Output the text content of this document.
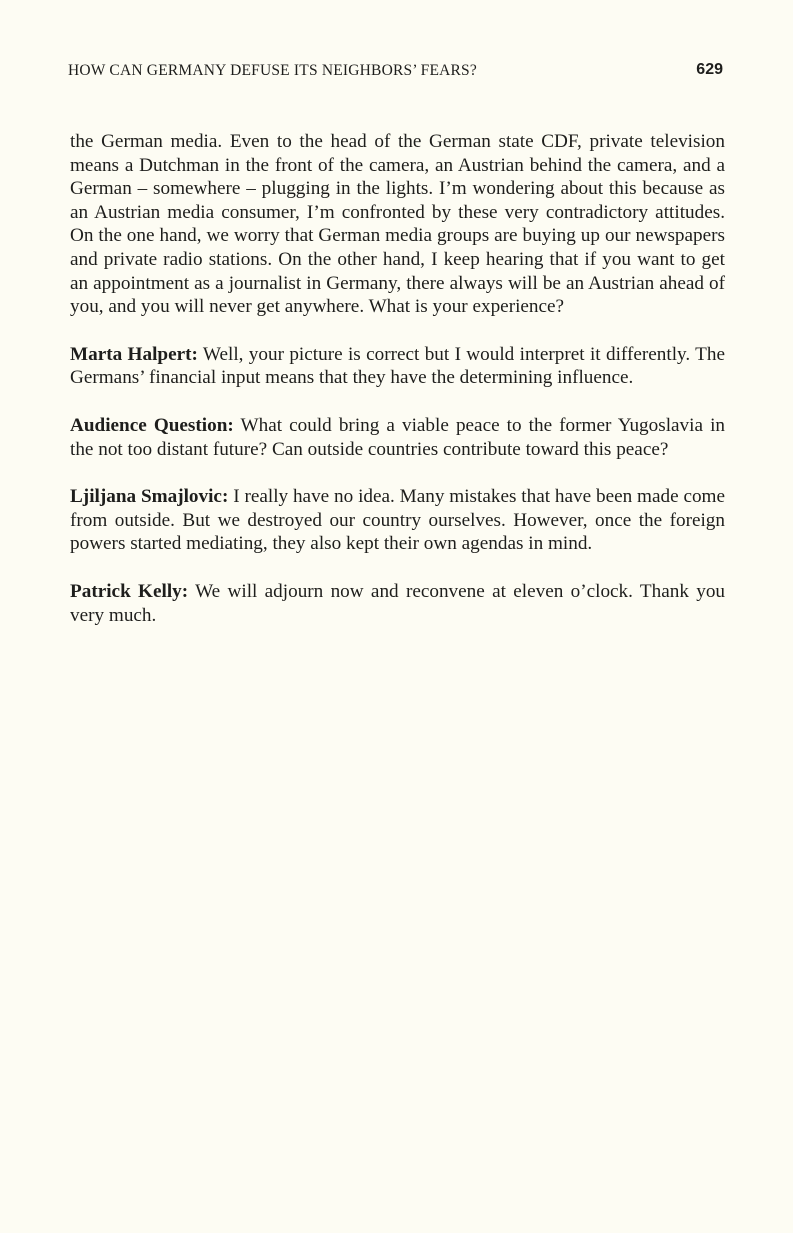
HOW CAN GERMANY DEFUSE ITS NEIGHBORS’ FEARS?	629

the German media. Even to the head of the German state CDF, private television means a Dutchman in the front of the camera, an Austrian behind the camera, and a German – somewhere – plugging in the lights. I’m wondering about this because as an Austrian media consumer, I’m confronted by these very contradictory attitudes. On the one hand, we worry that German media groups are buying up our newspapers and private radio stations. On the other hand, I keep hearing that if you want to get an appointment as a journalist in Germany, there always will be an Austrian ahead of you, and you will never get anywhere. What is your experience?

Marta Halpert: Well, your picture is correct but I would interpret it differently. The Germans’ financial input means that they have the determining influence.

Audience Question: What could bring a viable peace to the former Yugoslavia in the not too distant future? Can outside countries contribute toward this peace?

Ljiljana Smajlovic: I really have no idea. Many mistakes that have been made come from outside. But we destroyed our country ourselves. However, once the foreign powers started mediating, they also kept their own agendas in mind.

Patrick Kelly: We will adjourn now and reconvene at eleven o’clock. Thank you very much.
